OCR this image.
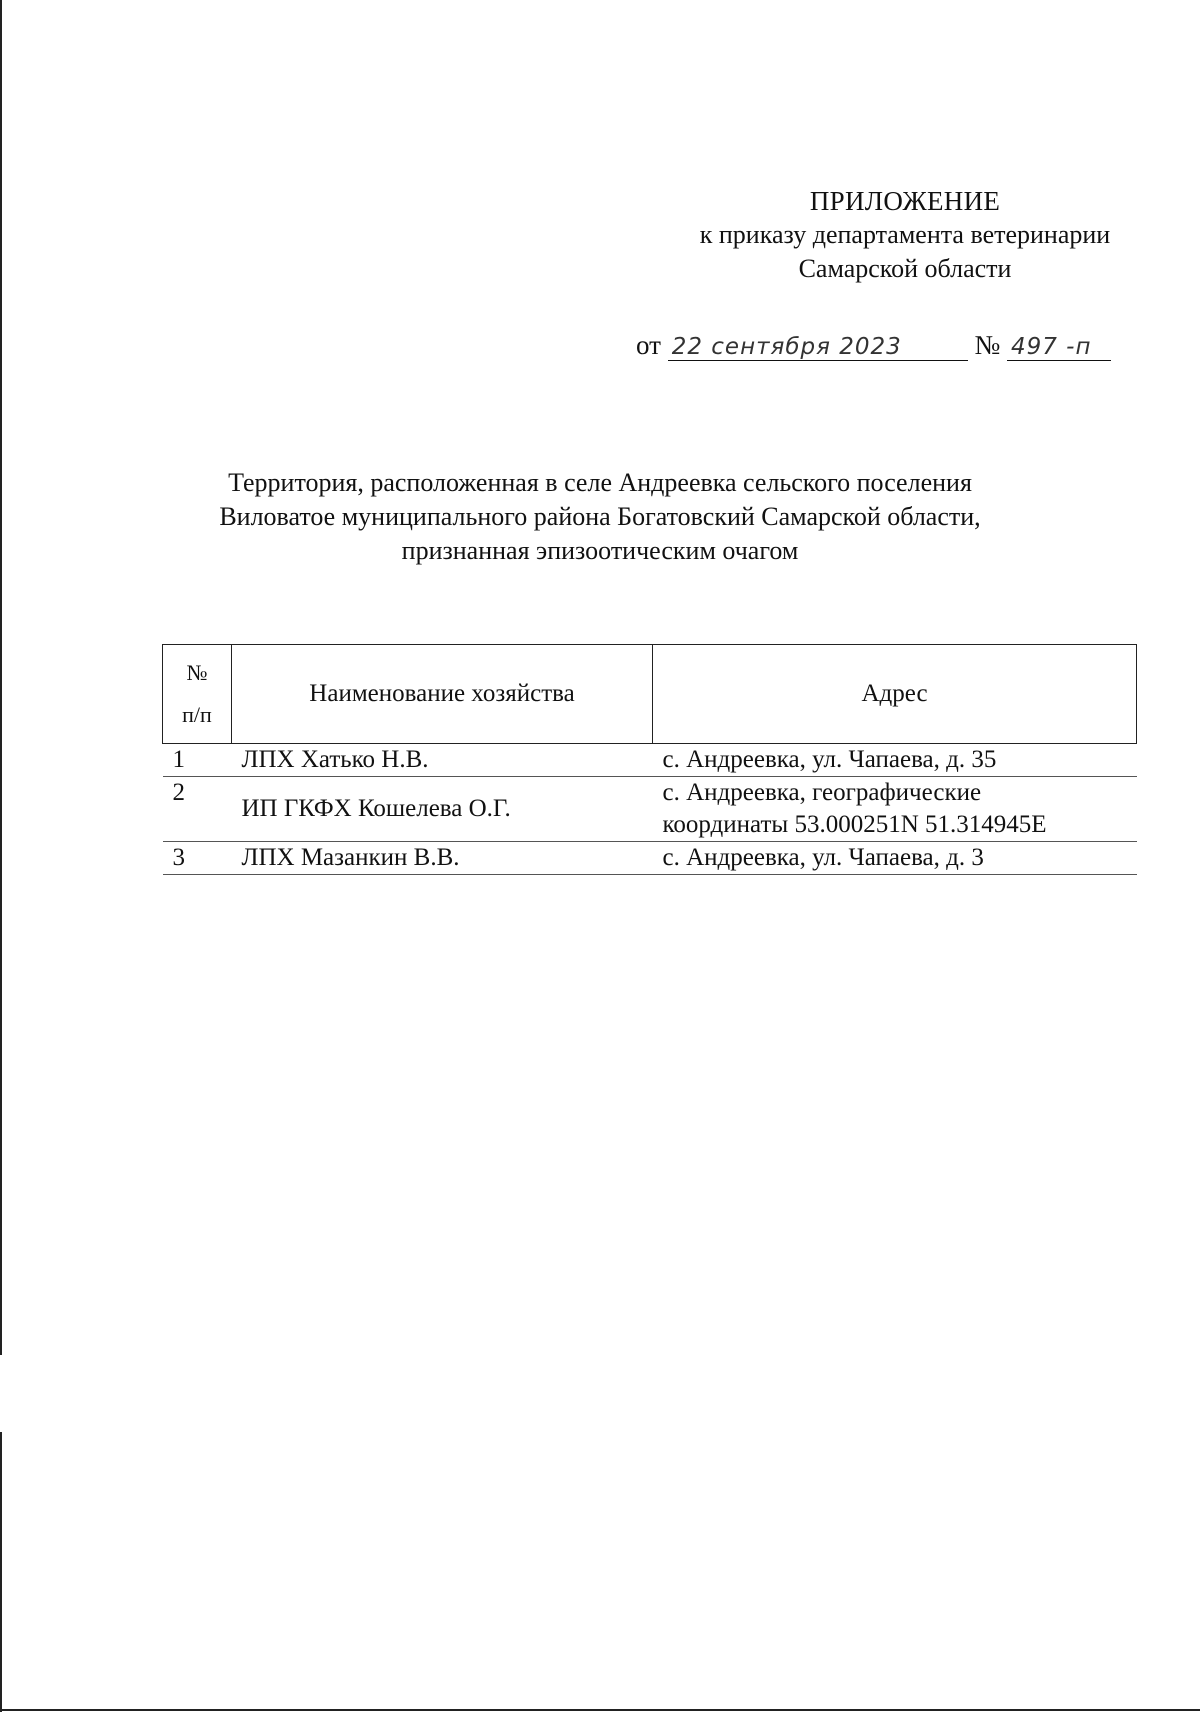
ПРИЛОЖЕНИЕ
к приказу департамента ветеринарии
Самарской области
от 22 сентября 2023	№ 497 -п
Территория, расположенная в селе Андреевка сельского поселения
Виловатое муниципального района Богатовский Самарской области,
признанная эпизоотическим очагом
№
п/п	Наименование хозяйства	Адрес
1	ЛПХ Хатько Н.В.	с. Андреевка, ул. Чапаева, д. 35

2	ИП ГКФХ Кошелева О.Г.	с. Андреевка, географические
координаты 53.000251N 51.314945E

3	ЛПХ Мазанкин В.В.	с. Андреевка, ул. Чапаева, д. 3
